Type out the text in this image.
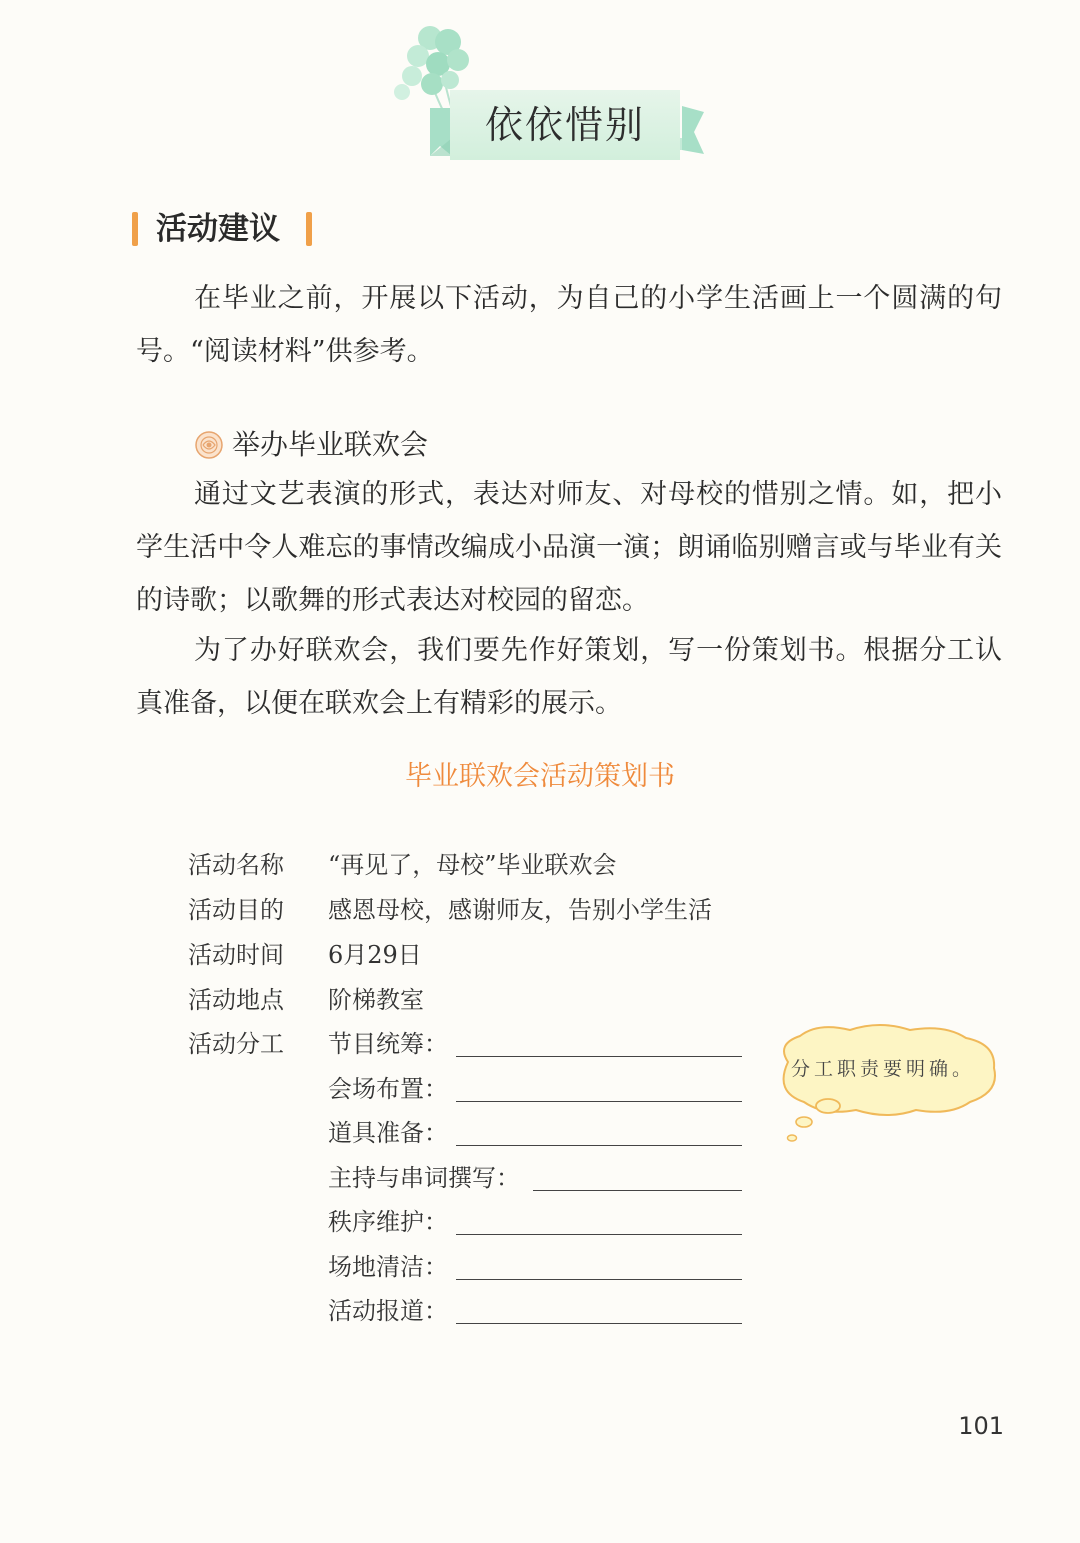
依依惜别
活动建议

在毕业之前，开展以下活动，为自己的小学生活画上一个圆满的句号。“阅读材料”供参考。

举办毕业联欢会

通过文艺表演的形式，表达对师友、对母校的惜别之情。如，把小学生活中令人难忘的事情改编成小品演一演；朗诵临别赠言或与毕业有关的诗歌；以歌舞的形式表达对校园的留恋。

为了办好联欢会，我们要先作好策划，写一份策划书。根据分工认真准备，以便在联欢会上有精彩的展示。

毕业联欢会活动策划书
活动名称 “再见了，母校”毕业联欢会
活动目的 感恩母校，感谢师友，告别小学生活
活动时间 6月29日
活动地点 阶梯教室
活动分工 节目统筹：
会场布置：
道具准备：
主持与串词撰写：
秩序维护：
场地清洁：
活动报道：
分工职责要明确。
101
